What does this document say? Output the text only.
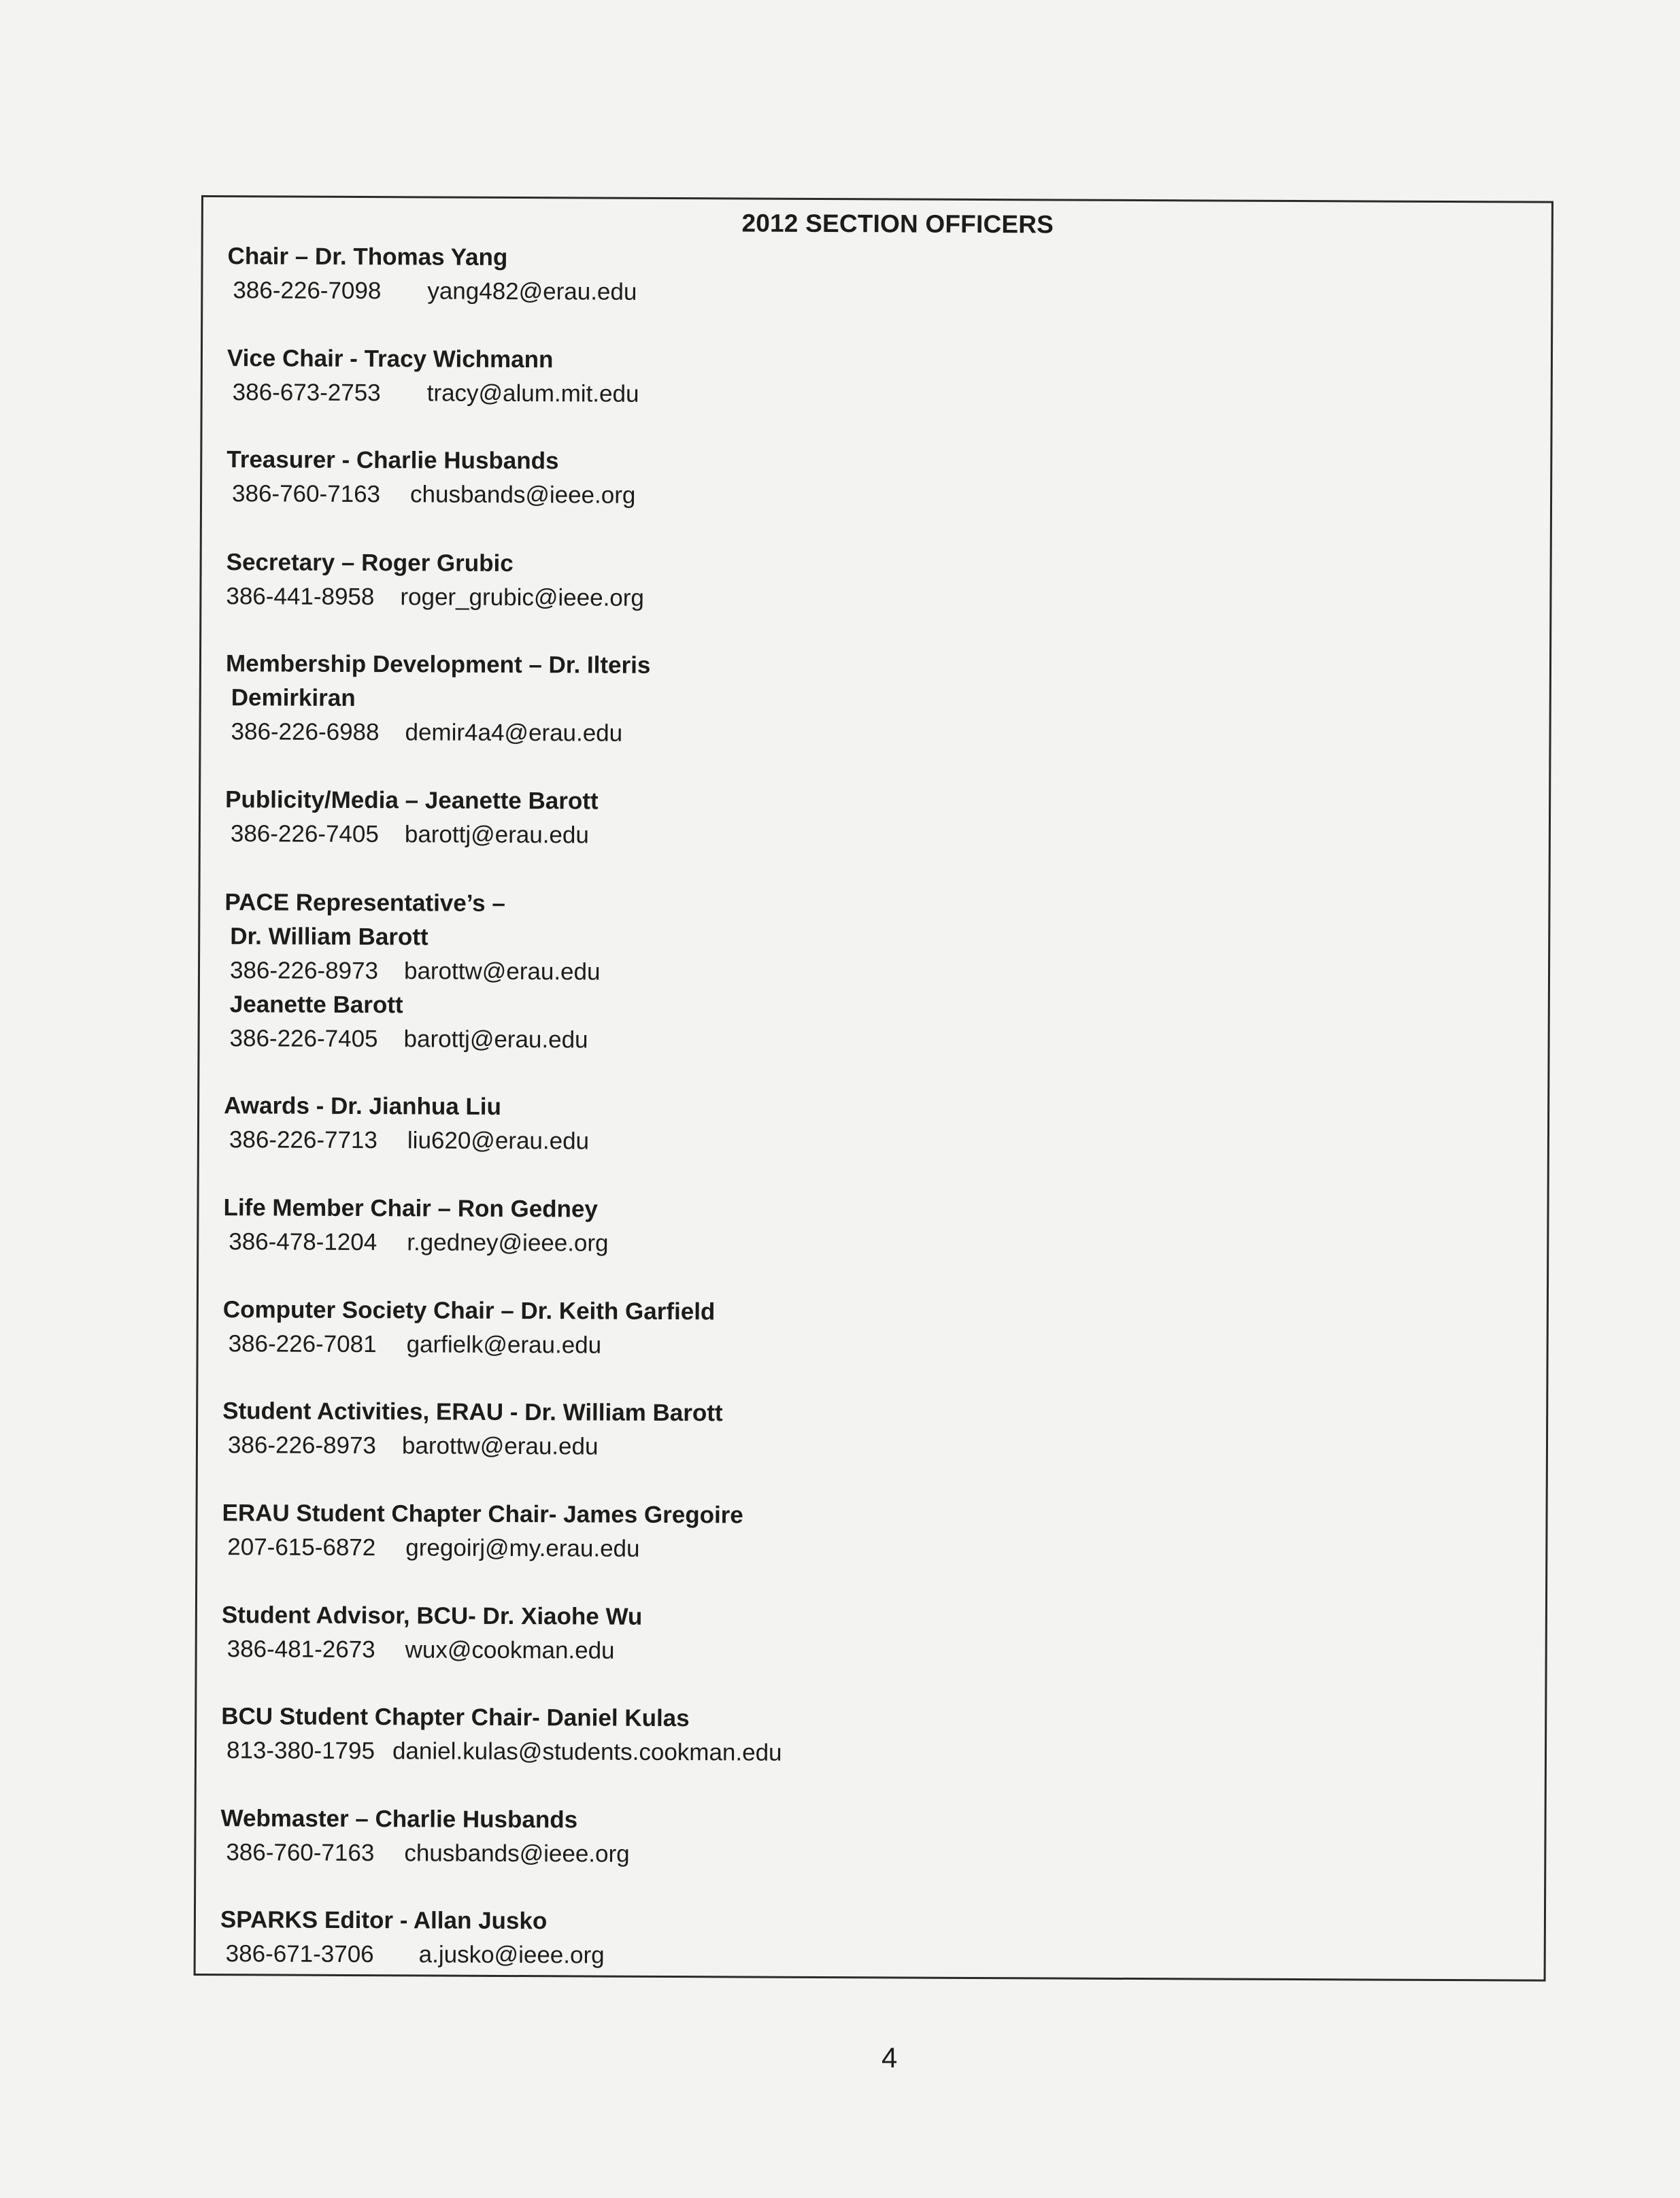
2012 SECTION OFFICERS
Chair – Dr. Thomas Yang
386-226-7098 yang482@erau.edu
Vice Chair - Tracy Wichmann
386-673-2753 tracy@alum.mit.edu
Treasurer - Charlie Husbands
386-760-7163 chusbands@ieee.org
Secretary – Roger Grubic
386-441-8958 roger_grubic@ieee.org
Membership Development – Dr. Ilteris
Demirkiran
386-226-6988 demir4a4@erau.edu
Publicity/Media – Jeanette Barott
386-226-7405 barottj@erau.edu
PACE Representative’s –
Dr. William Barott
386-226-8973 barottw@erau.edu
Jeanette Barott
386-226-7405 barottj@erau.edu
Awards - Dr. Jianhua Liu
386-226-7713 liu620@erau.edu
Life Member Chair – Ron Gedney
386-478-1204 r.gedney@ieee.org
Computer Society Chair – Dr. Keith Garfield
386-226-7081 garfielk@erau.edu
Student Activities, ERAU - Dr. William Barott
386-226-8973 barottw@erau.edu
ERAU Student Chapter Chair- James Gregoire
207-615-6872 gregoirj@my.erau.edu
Student Advisor, BCU- Dr. Xiaohe Wu
386-481-2673 wux@cookman.edu
BCU Student Chapter Chair- Daniel Kulas
813-380-1795 daniel.kulas@students.cookman.edu
Webmaster – Charlie Husbands
386-760-7163 chusbands@ieee.org
SPARKS Editor - Allan Jusko
386-671-3706 a.jusko@ieee.org

4
